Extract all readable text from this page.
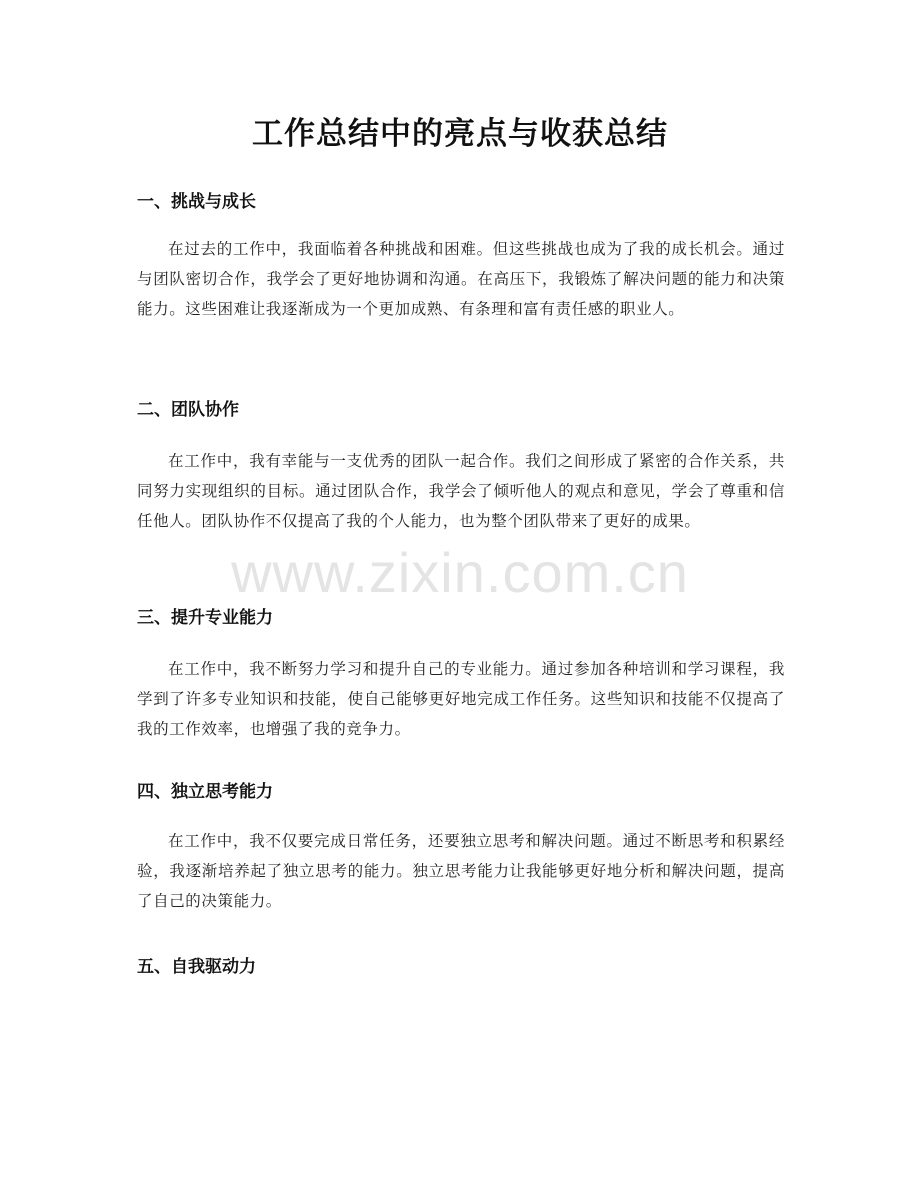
工作总结中的亮点与收获总结
一、挑战与成长

在过去的工作中，我面临着各种挑战和困难。但这些挑战也成为了我的成长机会。通过与团队密切合作，我学会了更好地协调和沟通。在高压下，我锻炼了解决问题的能力和决策能力。这些困难让我逐渐成为一个更加成熟、有条理和富有责任感的职业人。

二、团队协作

在工作中，我有幸能与一支优秀的团队一起合作。我们之间形成了紧密的合作关系，共同努力实现组织的目标。通过团队合作，我学会了倾听他人的观点和意见，学会了尊重和信任他人。团队协作不仅提高了我的个人能力，也为整个团队带来了更好的成果。

三、提升专业能力

在工作中，我不断努力学习和提升自己的专业能力。通过参加各种培训和学习课程，我学到了许多专业知识和技能，使自己能够更好地完成工作任务。这些知识和技能不仅提高了我的工作效率，也增强了我的竞争力。

四、独立思考能力

在工作中，我不仅要完成日常任务，还要独立思考和解决问题。通过不断思考和积累经验，我逐渐培养起了独立思考的能力。独立思考能力让我能够更好地分析和解决问题，提高了自己的决策能力。

五、自我驱动力
www.zixin.com.cn
